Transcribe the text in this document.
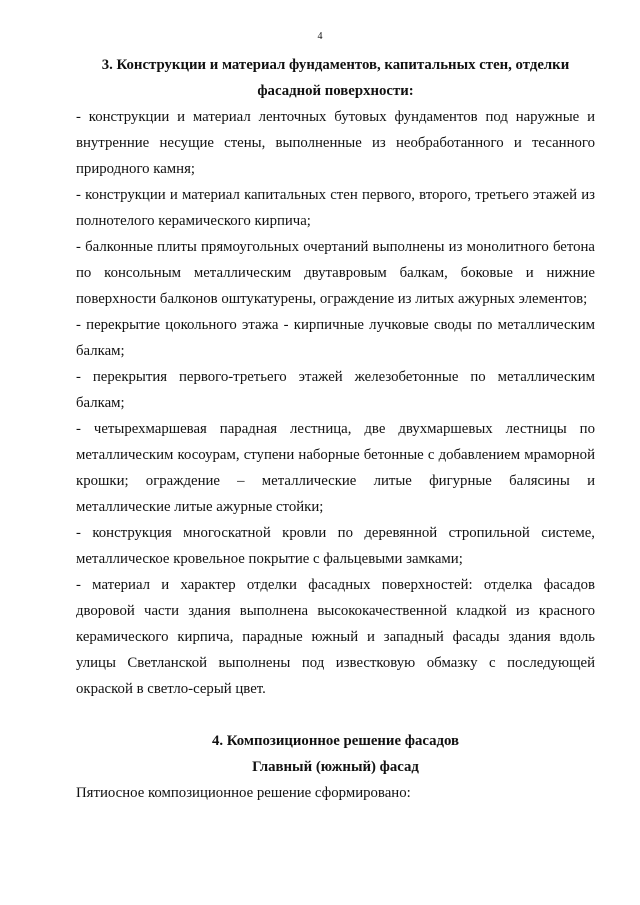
4

3. Конструкции и материал фундаментов, капитальных стен, отделки фасадной поверхности:

- конструкции и материал ленточных бутовых фундаментов под наружные и внутренние несущие стены, выполненные из необработанного и тесанного природного камня;

- конструкции и материал капитальных стен первого, второго, третьего этажей из полнотелого керамического кирпича;

- балконные плиты прямоугольных очертаний выполнены из монолитного бетона по консольным металлическим двутавровым балкам, боковые и нижние поверхности балконов оштукатурены, ограждение из литых ажурных элементов;

- перекрытие цокольного этажа - кирпичные лучковые своды по металлическим балкам;

- перекрытия первого-третьего этажей железобетонные по металлическим балкам;

- четырехмаршевая парадная лестница, две двухмаршевых лестницы по металлическим косоурам, ступени наборные бетонные с добавлением мраморной крошки; ограждение – металлические литые фигурные балясины и металлические литые ажурные стойки;

- конструкция многоскатной кровли по деревянной стропильной системе, металлическое кровельное покрытие с фальцевыми замками;

- материал и характер отделки фасадных поверхностей: отделка фасадов дворовой части здания выполнена высококачественной кладкой из красного керамического кирпича, парадные южный и западный фасады здания вдоль улицы Светланской выполнены под известковую обмазку с последующей окраской в светло-серый цвет.

4. Композиционное решение фасадов

Главный (южный) фасад

Пятиосное композиционное решение сформировано:
